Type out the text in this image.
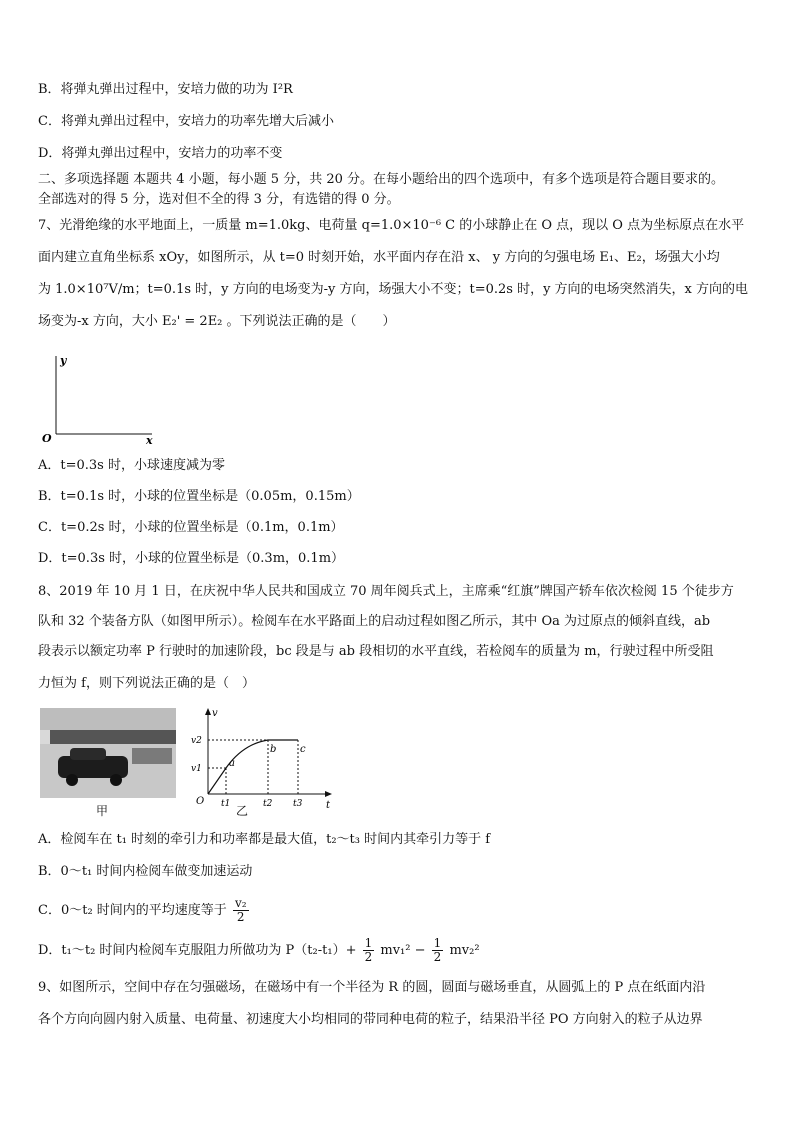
B．将弹丸弹出过程中，安培力做的功为 I²R
C．将弹丸弹出过程中，安培力的功率先增大后减小
D．将弹丸弹出过程中，安培力的功率不变
二、多项选择题 本题共 4 小题，每小题 5 分，共 20 分。在每小题给出的四个选项中，有多个选项是符合题目要求的。
全部选对的得 5 分，选对但不全的得 3 分，有选错的得 0 分。
7、光滑绝缘的水平地面上，一质量 m=1.0kg、电荷量 q=1.0×10⁻⁶ C 的小球静止在 O 点，现以 O 点为坐标原点在水平
面内建立直角坐标系 xOy，如图所示，从 t=0 时刻开始，水平面内存在沿 x、 y 方向的匀强电场 E₁、E₂，场强大小均
为 1.0×10⁷V/m；t=0.1s 时，y 方向的电场变为-y 方向，场强大小不变；t=0.2s 时，y 方向的电场突然消失，x 方向的电
场变为-x 方向，大小 E₂' = 2E₂ 。下列说法正确的是（　　）
y
x
O
A．t=0.3s 时，小球速度减为零
B．t=0.1s 时，小球的位置坐标是（0.05m，0.15m）
C．t=0.2s 时，小球的位置坐标是（0.1m，0.1m）
D．t=0.3s 时，小球的位置坐标是（0.3m，0.1m）
8、2019 年 10 月 1 日，在庆祝中华人民共和国成立 70 周年阅兵式上，主席乘“红旗”牌国产轿车依次检阅 15 个徒步方
队和 32 个装备方队（如图甲所示）。检阅车在水平路面上的启动过程如图乙所示，其中 Oa 为过原点的倾斜直线，ab
段表示以额定功率 P 行驶时的加速阶段，bc 段是与 ab 段相切的水平直线，若检阅车的质量为 m，行驶过程中所受阻
力恒为 f，则下列说法正确的是（　）
甲
v
t
O
v1
v2
t1	t2 t3
a
b c
乙
A．检阅车在 t₁ 时刻的牵引力和功率都是最大值，t₂～t₃ 时间内其牵引力等于 f
B．0～t₁ 时间内检阅车做变加速运动
C．0～t₂ 时间内的平均速度等于 $\frac{\text{v₂}}{2}$
D．t₁～t₂ 时间内检阅车克服阻力所做功为 $P(t_2-t_1)+ \frac{1}{2} mv_1^2 - \frac{1}{2} mv_2^2$
9、如图所示，空间中存在匀强磁场，在磁场中有一个半径为 R 的圆，圆面与磁场垂直，从圆弧上的 P 点在纸面内沿
各个方向向圆内射入质量、电荷量、初速度大小均相同的带同种电荷的粒子，结果沿半径 PO 方向射入的粒子从边界
